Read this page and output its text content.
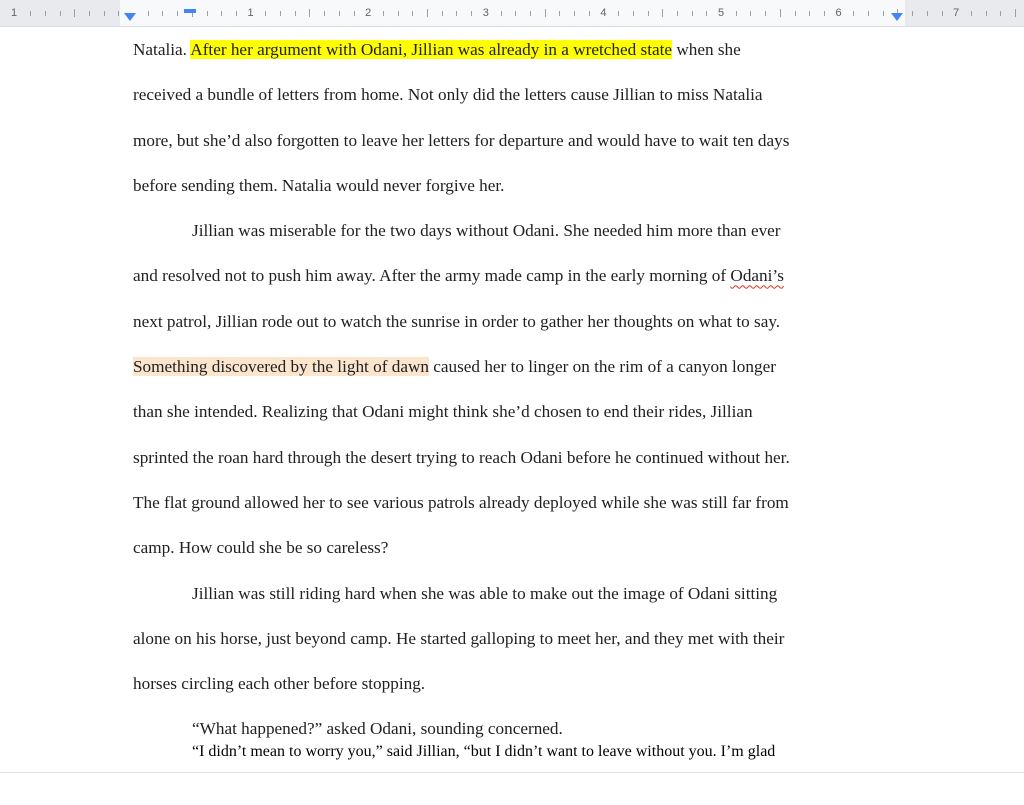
1	1	2	3	4	5	6	7
Natalia. After her argument with Odani, Jillian was already in a wretched state when she
received a bundle of letters from home. Not only did the letters cause Jillian to miss Natalia
more, but she’d also forgotten to leave her letters for departure and would have to wait ten days
before sending them. Natalia would never forgive her.
Jillian was miserable for the two days without Odani. She needed him more than ever
and resolved not to push him away. After the army made camp in the early morning of Odani’s
next patrol, Jillian rode out to watch the sunrise in order to gather her thoughts on what to say.
Something discovered by the light of dawn caused her to linger on the rim of a canyon longer
than she intended. Realizing that Odani might think she’d chosen to end their rides, Jillian
sprinted the roan hard through the desert trying to reach Odani before he continued without her.
The flat ground allowed her to see various patrols already deployed while she was still far from
camp. How could she be so careless?
Jillian was still riding hard when she was able to make out the image of Odani sitting
alone on his horse, just beyond camp. He started galloping to meet her, and they met with their
horses circling each other before stopping.
“What happened?” asked Odani, sounding concerned.
“I didn’t mean to worry you,” said Jillian, “but I didn’t want to leave without you. I’m glad
